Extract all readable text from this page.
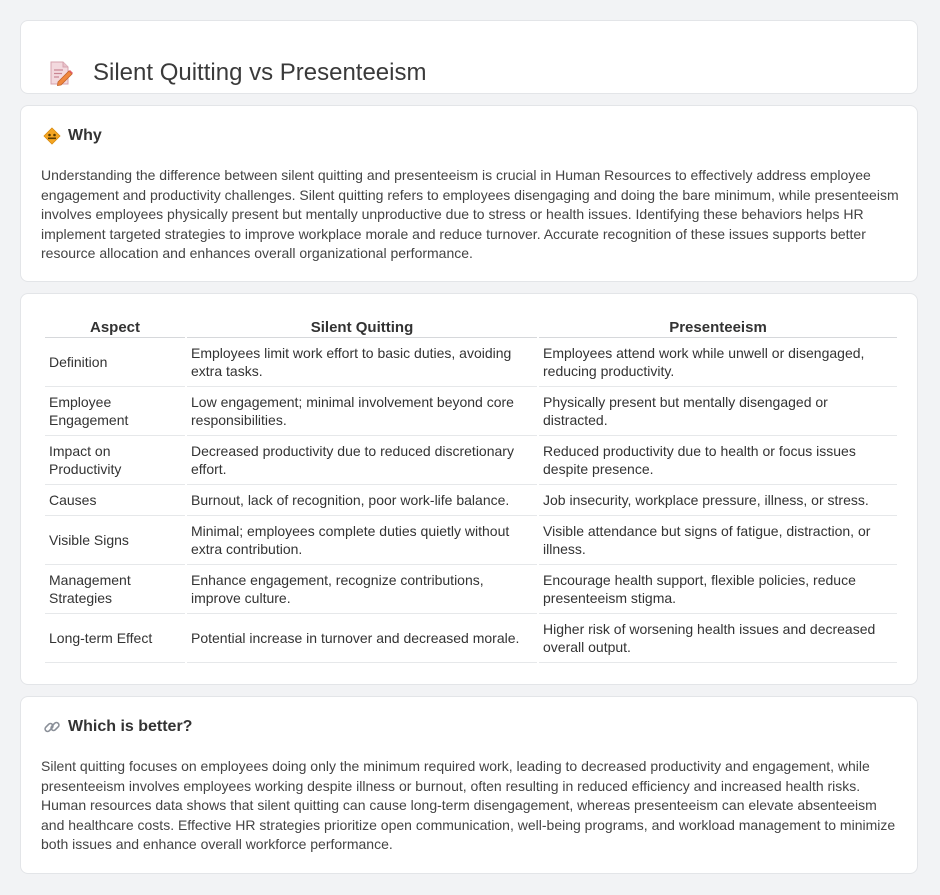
Silent Quitting vs Presenteeism
Why

Understanding the difference between silent quitting and presenteeism is crucial in Human Resources to effectively address employee engagement and productivity challenges. Silent quitting refers to employees disengaging and doing the bare minimum, while presenteeism involves employees physically present but mentally unproductive due to stress or health issues. Identifying these behaviors helps HR implement targeted strategies to improve workplace morale and reduce turnover. Accurate recognition of these issues supports better resource allocation and enhances overall organizational performance.

Aspect	Silent Quitting	Presenteeism
Definition	Employees limit work effort to basic duties, avoiding extra tasks.	Employees attend work while unwell or disengaged, reducing productivity.
Employee Engagement	Low engagement; minimal involvement beyond core responsibilities.	Physically present but mentally disengaged or distracted.
Impact on Productivity	Decreased productivity due to reduced discretionary effort.	Reduced productivity due to health or focus issues despite presence.
Causes	Burnout, lack of recognition, poor work-life balance.	Job insecurity, workplace pressure, illness, or stress.
Visible Signs	Minimal; employees complete duties quietly without extra contribution.	Visible attendance but signs of fatigue, distraction, or illness.
Management Strategies	Enhance engagement, recognize contributions, improve culture.	Encourage health support, flexible policies, reduce presenteeism stigma.
Long-term Effect	Potential increase in turnover and decreased morale.	Higher risk of worsening health issues and decreased overall output.
Which is better?

Silent quitting focuses on employees doing only the minimum required work, leading to decreased productivity and engagement, while presenteeism involves employees working despite illness or burnout, often resulting in reduced efficiency and increased health risks. Human resources data shows that silent quitting can cause long-term disengagement, whereas presenteeism can elevate absenteeism and healthcare costs. Effective HR strategies prioritize open communication, well-being programs, and workload management to minimize both issues and enhance overall workforce performance.
